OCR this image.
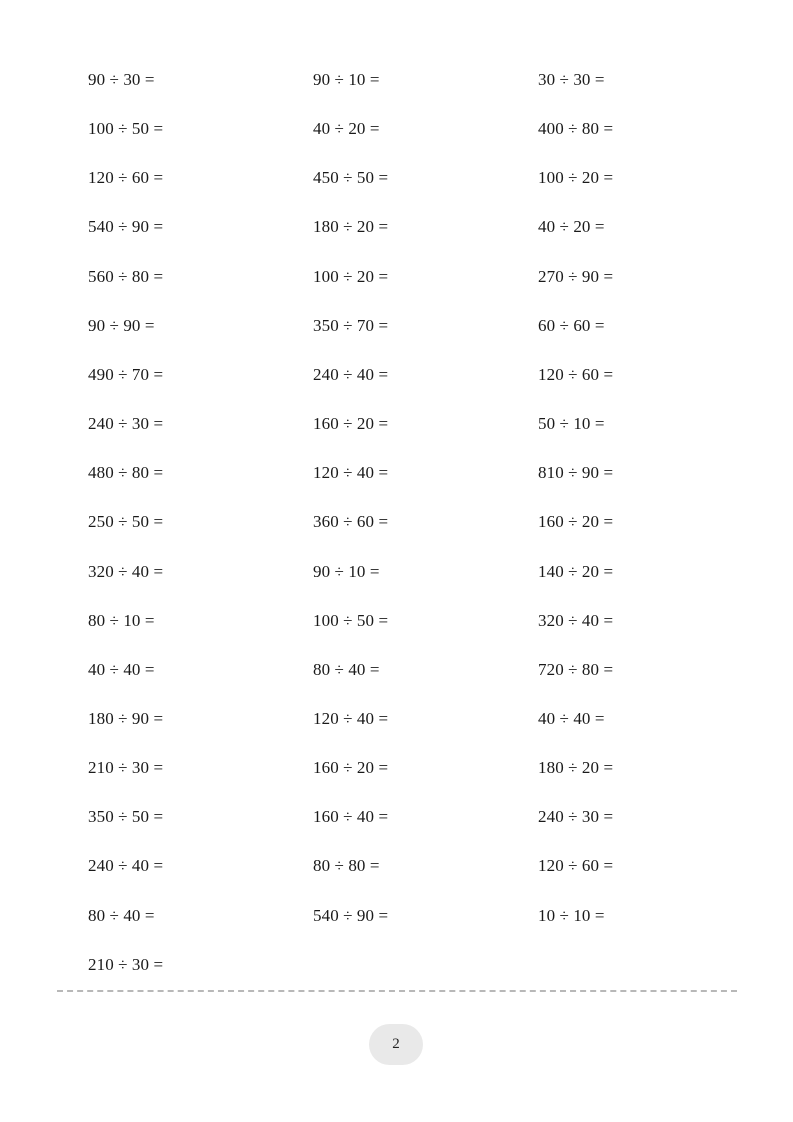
90 ÷ 30 =
100 ÷ 50 =
120 ÷ 60 =
540 ÷ 90 =
560 ÷ 80 =
90 ÷ 90 =
490 ÷ 70 =
240 ÷ 30 =
480 ÷ 80 =
250 ÷ 50 =
320 ÷ 40 =
80 ÷ 10 =
40 ÷ 40 =
180 ÷ 90 =
210 ÷ 30 =
350 ÷ 50 =
240 ÷ 40 =
80 ÷ 40 =
210 ÷ 30 =
90 ÷ 10 =
40 ÷ 20 =
450 ÷ 50 =
180 ÷ 20 =
100 ÷ 20 =
350 ÷ 70 =
240 ÷ 40 =
160 ÷ 20 =
120 ÷ 40 =
360 ÷ 60 =
90 ÷ 10 =
100 ÷ 50 =
80 ÷ 40 =
120 ÷ 40 =
160 ÷ 20 =
160 ÷ 40 =
80 ÷ 80 =
540 ÷ 90 =
30 ÷ 30 =
400 ÷ 80 =
100 ÷ 20 =
40 ÷ 20 =
270 ÷ 90 =
60 ÷ 60 =
120 ÷ 60 =
50 ÷ 10 =
810 ÷ 90 =
160 ÷ 20 =
140 ÷ 20 =
320 ÷ 40 =
720 ÷ 80 =
40 ÷ 40 =
180 ÷ 20 =
240 ÷ 30 =
120 ÷ 60 =
10 ÷ 10 =
2
